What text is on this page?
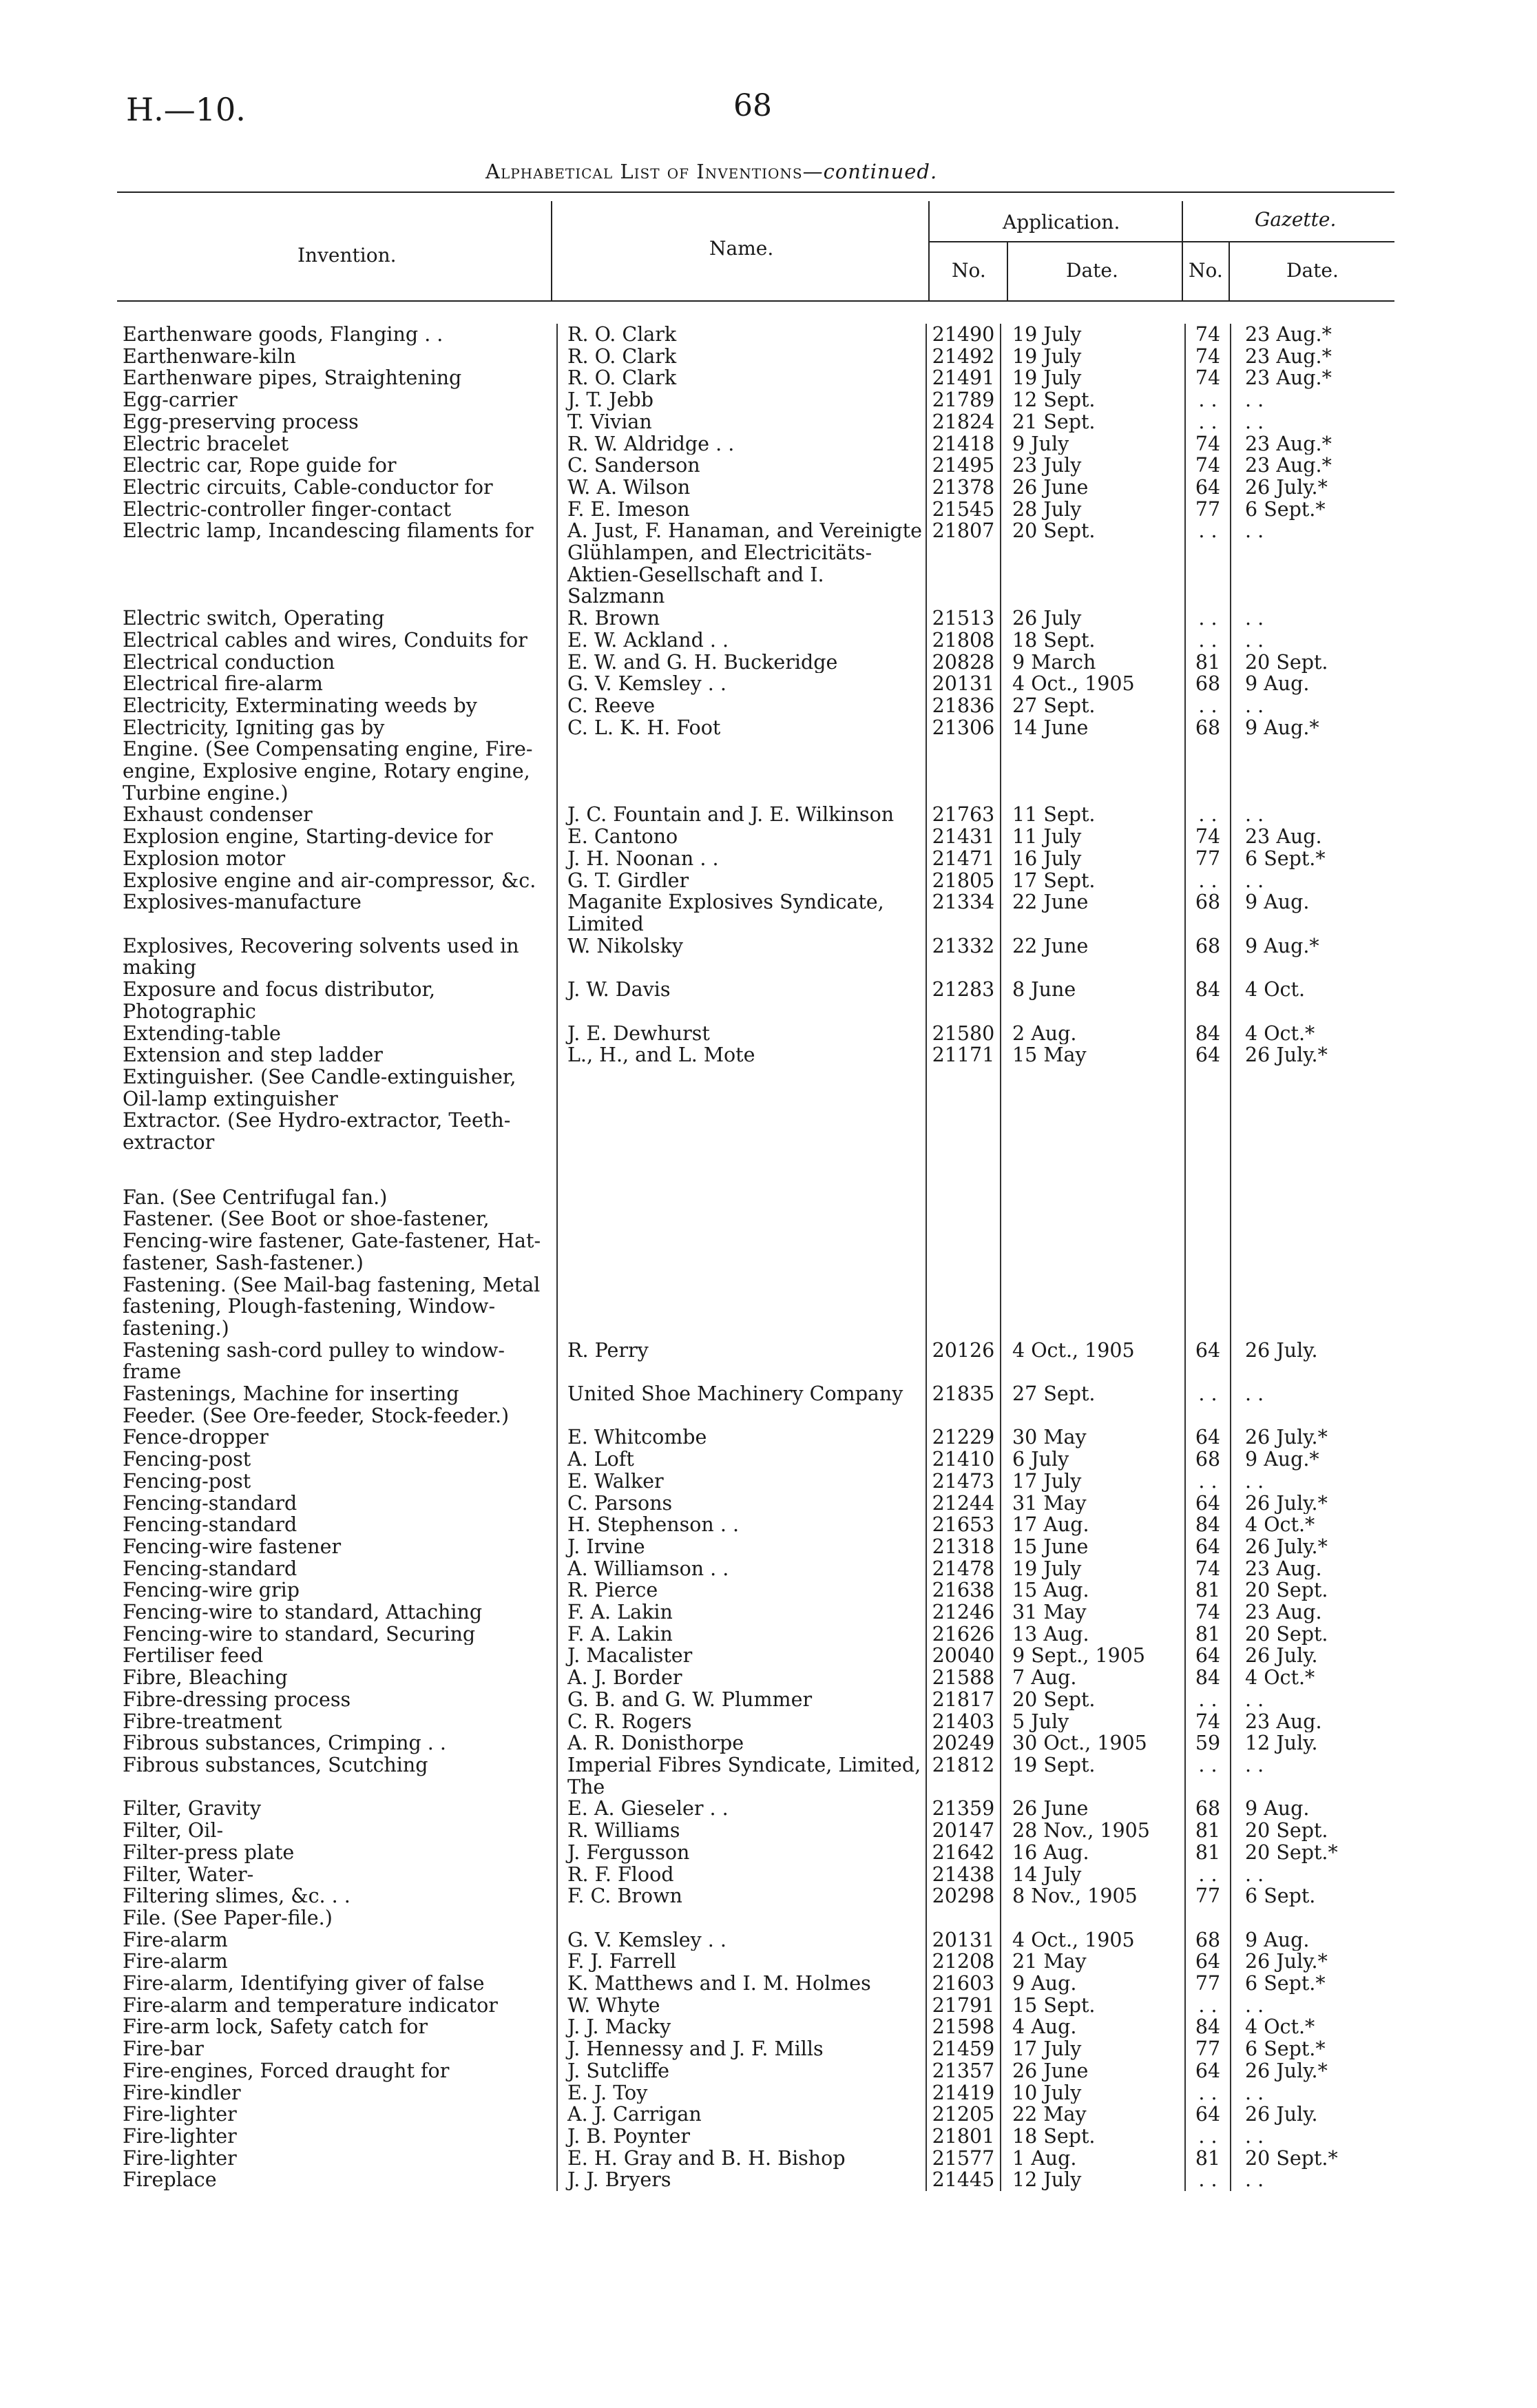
H.—10.	68
Alphabetical List of Inventions—continued.
Invention.	Name.
Application.	Gazette.
No.	Date.	No.	Date.
Earthenware goods, Flanging . .	R. O. Clark	21490	19 July	74	23 Aug.*
Earthenware-kiln	R. O. Clark	21492	19 July	74	23 Aug.*
Earthenware pipes, Straightening	R. O. Clark	21491	19 July	74	23 Aug.*
Egg-carrier	J. T. Jebb	21789	12 Sept.	. .	. .
Egg-preserving process	T. Vivian	21824	21 Sept.	. .	. .
Electric bracelet	R. W. Aldridge . .	21418	9 July	74	23 Aug.*
Electric car, Rope guide for	C. Sanderson	21495	23 July	74	23 Aug.*
Electric circuits, Cable-conductor for	W. A. Wilson	21378	26 June	64	26 July.*
Electric-controller finger-contact	F. E. Imeson	21545	28 July	77	6 Sept.*
Electric lamp, Incandescing filaments for	A. Just, F. Hanaman, and Vereinigte Glühlampen, and Electricitäts-Aktien-Gesellschaft and I. Salzmann	21807	20 Sept.	. .	. .
Electric switch, Operating	R. Brown	21513	26 July	. .	. .
Electrical cables and wires, Conduits for	E. W. Ackland . .	21808	18 Sept.	. .	. .
Electrical conduction	E. W. and G. H. Buckeridge	20828	9 March	81	20 Sept.
Electrical fire-alarm	G. V. Kemsley . .	20131	4 Oct., 1905	68	9 Aug.
Electricity, Exterminating weeds by	C. Reeve	21836	27 Sept.	. .	. .
Electricity, Igniting gas by	C. L. K. H. Foot	21306	14 June	68	9 Aug.*
Engine. (See Compensating engine, Fire-engine, Explosive engine, Rotary engine, Turbine engine.)					
Exhaust condenser	J. C. Fountain and J. E. Wilkinson	21763	11 Sept.	. .	. .
Explosion engine, Starting-device for	E. Cantono	21431	11 July	74	23 Aug.
Explosion motor	J. H. Noonan . .	21471	16 July	77	6 Sept.*
Explosive engine and air-compressor, &c.	G. T. Girdler	21805	17 Sept.	. .	. .
Explosives-manufacture	Maganite Explosives Syndicate, Limited	21334	22 June	68	9 Aug.
Explosives, Recovering solvents used in making	W. Nikolsky	21332	22 June	68	9 Aug.*
Exposure and focus distributor, Photographic	J. W. Davis	21283	8 June	84	4 Oct.
Extending-table	J. E. Dewhurst	21580	2 Aug.	84	4 Oct.*
Extension and step ladder	L., H., and L. Mote	21171	15 May	64	26 July.*
Extinguisher. (See Candle-extinguisher, Oil-lamp extinguisher					
Extractor. (See Hydro-extractor, Teeth-extractor					

Fan. (See Centrifugal fan.)					
Fastener. (See Boot or shoe-fastener, Fencing-wire fastener, Gate-fastener, Hat-fastener, Sash-fastener.)					
Fastening. (See Mail-bag fastening, Metal fastening, Plough-fastening, Window-fastening.)					
Fastening sash-cord pulley to window-frame	R. Perry	20126	4 Oct., 1905	64	26 July.
Fastenings, Machine for inserting	United Shoe Machinery Company	21835	27 Sept.	. .	. .
Feeder. (See Ore-feeder, Stock-feeder.)					
Fence-dropper	E. Whitcombe	21229	30 May	64	26 July.*
Fencing-post	A. Loft	21410	6 July	68	9 Aug.*
Fencing-post	E. Walker	21473	17 July	. .	. .
Fencing-standard	C. Parsons	21244	31 May	64	26 July.*
Fencing-standard	H. Stephenson . .	21653	17 Aug.	84	4 Oct.*
Fencing-wire fastener	J. Irvine	21318	15 June	64	26 July.*
Fencing-standard	A. Williamson . .	21478	19 July	74	23 Aug.
Fencing-wire grip	R. Pierce	21638	15 Aug.	81	20 Sept.
Fencing-wire to standard, Attaching	F. A. Lakin	21246	31 May	74	23 Aug.
Fencing-wire to standard, Securing	F. A. Lakin	21626	13 Aug.	81	20 Sept.
Fertiliser feed	J. Macalister	20040	9 Sept., 1905	64	26 July.
Fibre, Bleaching	A. J. Border	21588	7 Aug.	84	4 Oct.*
Fibre-dressing process	G. B. and G. W. Plummer	21817	20 Sept.	. .	. .
Fibre-treatment	C. R. Rogers	21403	5 July	74	23 Aug.
Fibrous substances, Crimping . .	A. R. Donisthorpe	20249	30 Oct., 1905	59	12 July.
Fibrous substances, Scutching	Imperial Fibres Syndicate, Limited, The	21812	19 Sept.	. .	. .
Filter, Gravity	E. A. Gieseler . .	21359	26 June	68	9 Aug.
Filter, Oil-	R. Williams	20147	28 Nov., 1905	81	20 Sept.
Filter-press plate	J. Fergusson	21642	16 Aug.	81	20 Sept.*
Filter, Water-	R. F. Flood	21438	14 July	. .	. .
Filtering slimes, &c. . .	F. C. Brown	20298	8 Nov., 1905	77	6 Sept.
File. (See Paper-file.)					
Fire-alarm	G. V. Kemsley . .	20131	4 Oct., 1905	68	9 Aug.
Fire-alarm	F. J. Farrell	21208	21 May	64	26 July.*
Fire-alarm, Identifying giver of false	K. Matthews and I. M. Holmes	21603	9 Aug.	77	6 Sept.*
Fire-alarm and temperature indicator	W. Whyte	21791	15 Sept.	. .	. .
Fire-arm lock, Safety catch for	J. J. Macky	21598	4 Aug.	84	4 Oct.*
Fire-bar	J. Hennessy and J. F. Mills	21459	17 July	77	6 Sept.*
Fire-engines, Forced draught for	J. Sutcliffe	21357	26 June	64	26 July.*
Fire-kindler	E. J. Toy	21419	10 July	. .	. .
Fire-lighter	A. J. Carrigan	21205	22 May	64	26 July.
Fire-lighter	J. B. Poynter	21801	18 Sept.	. .	. .
Fire-lighter	E. H. Gray and B. H. Bishop	21577	1 Aug.	81	20 Sept.*
Fireplace	J. J. Bryers	21445	12 July	. .	. .
